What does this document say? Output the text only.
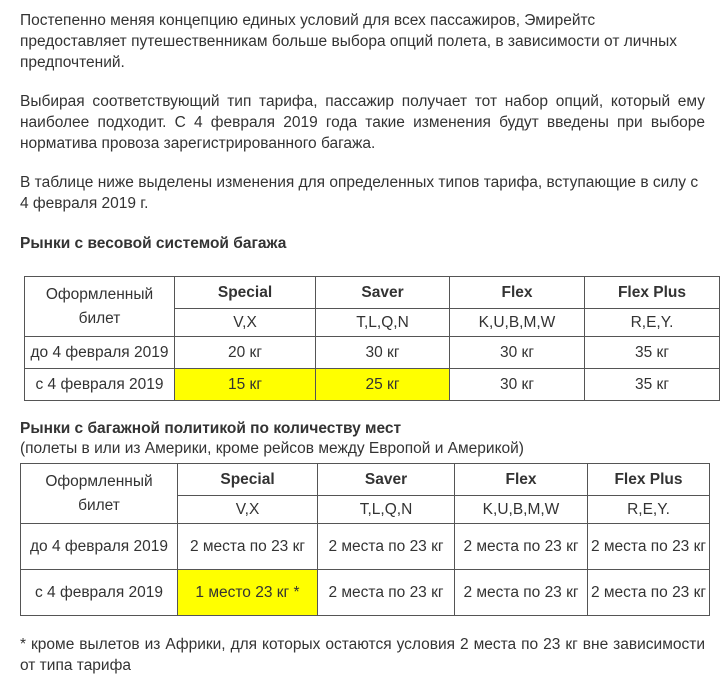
Постепенно меняя концепцию единых условий для всех пассажиров, Эмирейтс предоставляет путешественникам больше выбора опций полета, в зависимости от личных предпочтений.

Выбирая соответствующий тип тарифа, пассажир получает тот набор опций, который ему наиболее подходит. С 4 февраля 2019 года такие изменения будут введены при выборе норматива провоза зарегистрированного багажа.

В таблице ниже выделены изменения для определенных типов тарифа, вступающие в силу с 4 февраля 2019 г.

Рынки с весовой системой багажа

Оформленный билет	Special	Saver	Flex	Flex Plus
	V,X	T,L,Q,N	K,U,B,M,W	R,E,Y.
до 4 февраля 2019	20 кг	30 кг	30 кг	35 кг
с 4 февраля 2019	15 кг	25 кг	30 кг	35 кг

Рынки с багажной политикой по количеству мест

(полеты в или из Америки, кроме рейсов между Европой и Америкой)

Оформленный билет	Special	Saver	Flex	Flex Plus
	V,X	T,L,Q,N	K,U,B,M,W	R,E,Y.
до 4 февраля 2019	2 места по 23 кг	2 места по 23 кг	2 места по 23 кг	2 места по 23 кг
с 4 февраля 2019	1 место 23 кг *	2 места по 23 кг	2 места по 23 кг	2 места по 23 кг

* кроме вылетов из Африки, для которых остаются условия 2 места по 23 кг вне зависимости от типа тарифа
